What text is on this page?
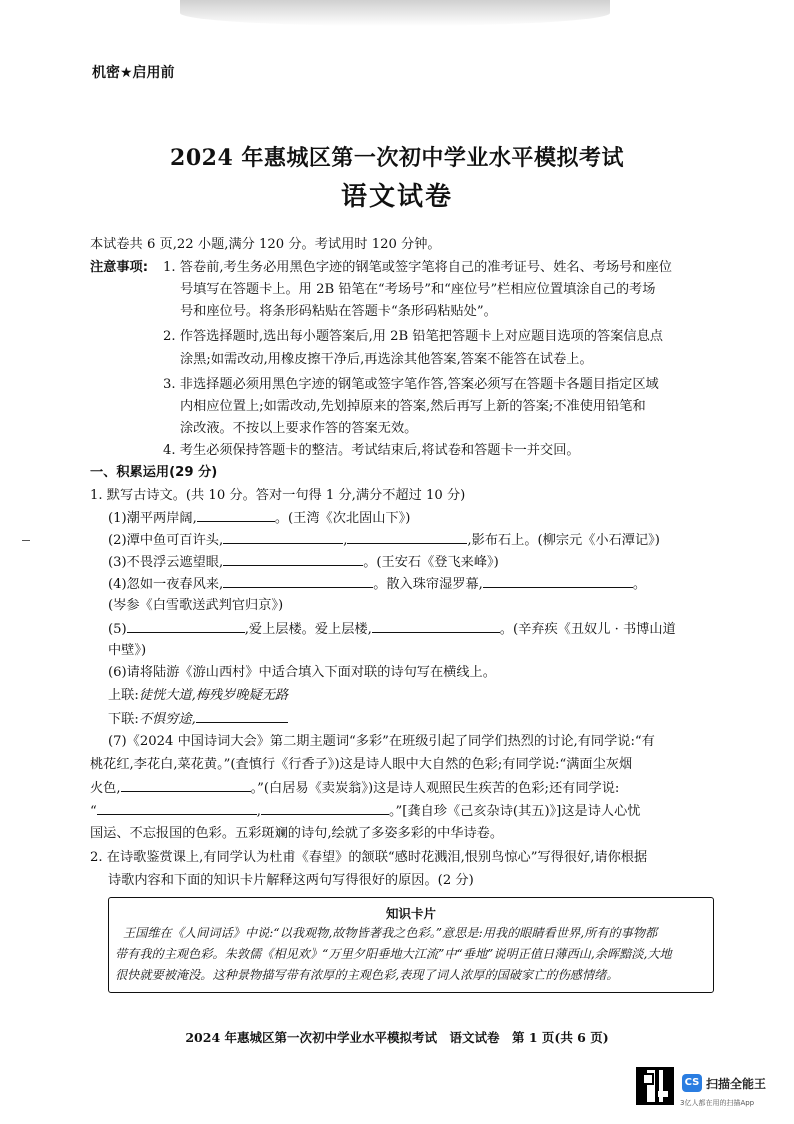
机密★启用前
2024 年惠城区第一次初中学业水平模拟考试
语文试卷
本试卷共 6 页,22 小题,满分 120 分。考试用时 120 分钟。
注意事项: 1. 答卷前,考生务必用黑色字迹的钢笔或签字笔将自己的准考证号、姓名、考场号和座位
号填写在答题卡上。用 2B 铅笔在“考场号”和“座位号”栏相应位置填涂自己的考场
号和座位号。将条形码粘贴在答题卡“条形码粘贴处”。
2. 作答选择题时,选出每小题答案后,用 2B 铅笔把答题卡上对应题目选项的答案信息点
涂黑;如需改动,用橡皮擦干净后,再选涂其他答案,答案不能答在试卷上。
3. 非选择题必须用黑色字迹的钢笔或签字笔作答,答案必须写在答题卡各题目指定区域
内相应位置上;如需改动,先划掉原来的答案,然后再写上新的答案;不准使用铅笔和
涂改液。不按以上要求作答的答案无效。
4. 考生必须保持答题卡的整洁。考试结束后,将试卷和答题卡一并交回。
一、积累运用(29 分)
1. 默写古诗文。(共 10 分。答对一句得 1 分,满分不超过 10 分)
(1)潮平两岸阔,	。(王湾《次北固山下》)
(2)潭中鱼可百许头,	,	,影布石上。(柳宗元《小石潭记》)
(3)不畏浮云遮望眼,	。(王安石《登飞来峰》)
(4)忽如一夜春风来,	。散入珠帘湿罗幕,	。
(岑参《白雪歌送武判官归京》)
(5)	,爱上层楼。爱上层楼,	。(辛弃疾《丑奴儿 · 书博山道
中壁》)
(6)请将陆游《游山西村》中适合填入下面对联的诗句写在横线上。
上联:徒恍大道,梅残岁晚疑无路
下联:不惧穷途,
(7)《2024 中国诗词大会》第二期主题词“多彩”在班级引起了同学们热烈的讨论,有同学说:“有
桃花红,李花白,菜花黄。”(査慎行《行香子》)这是诗人眼中大自然的色彩;有同学说:“满面尘灰烟
火色,	。”(白居易《卖炭翁》)这是诗人观照民生疾苦的色彩;还有同学说:
“	,	。”[龚自珍《己亥杂诗(其五)》]这是诗人心忧
国运、不忘报国的色彩。五彩斑斓的诗句,绘就了多姿多彩的中华诗卷。
2. 在诗歌鉴赏课上,有同学认为杜甫《春望》的颔联“感时花溅泪,恨别鸟惊心”写得很好,请你根据
诗歌内容和下面的知识卡片解释这两句写得很好的原因。(2 分)
知识卡片
王国维在《人间词话》中说:“以我观物,故物皆著我之色彩。”意思是:用我的眼睛看世界,所有的事物都
带有我的主观色彩。朱敦儒《相见欢》“万里夕阳垂地大江流”中“垂地”说明正值日薄西山,余晖黯淡,大地
很快就要被淹没。这种景物描写带有浓厚的主观色彩,表现了词人浓厚的国破家亡的伤感情绪。
2024 年惠城区第一次初中学业水平模拟考试　语文试卷　第 1 页(共 6 页)
CS 扫描全能王
3亿人都在用的扫描App
